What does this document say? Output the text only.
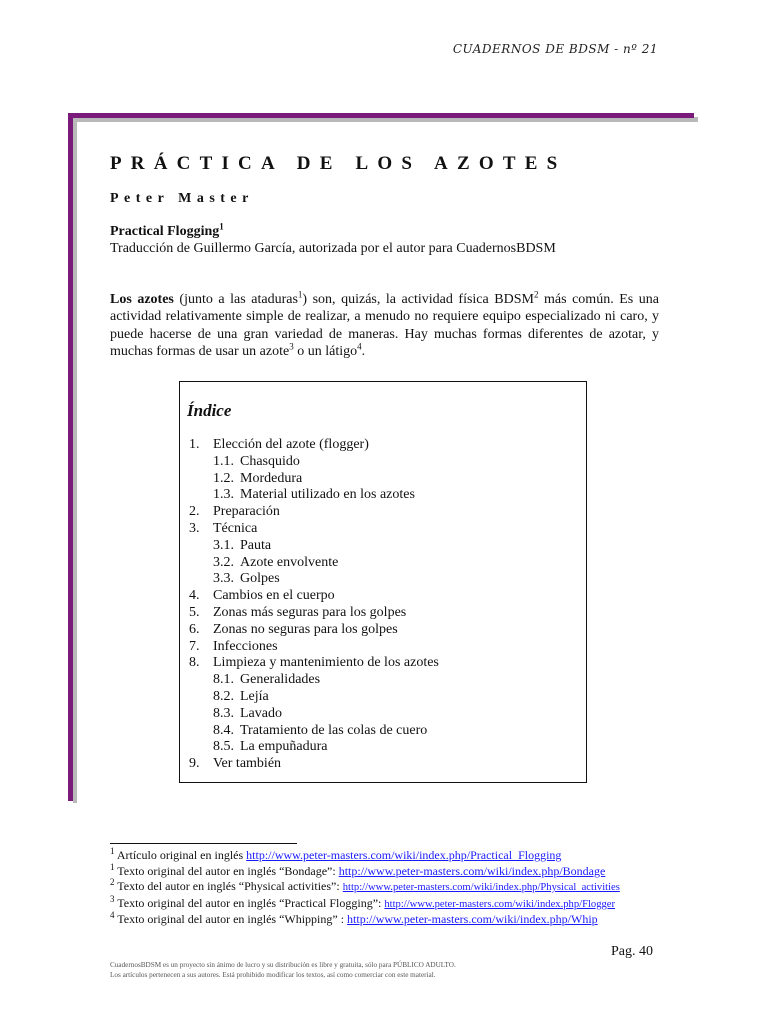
CUADERNOS DE BDSM - nº 21
PRÁCTICA DE LOS AZOTES
Peter Master
Practical Flogging$^1$
Traducción de Guillermo García, autorizada por el autor para CuadernosBDSM

Los azotes (junto a las ataduras$^1$) son, quizás, la actividad física BDSM$^2$ más común. Es una actividad relativamente simple de realizar, a menudo no requiere equipo especializado ni caro, y puede hacerse de una gran variedad de maneras. Hay muchas formas diferentes de azotar, y muchas formas de usar un azote$^3$ o un látigo$^4$.

Índice
1. Elección del azote (flogger)
1.1. Chasquido
1.2. Mordedura
1.3. Material utilizado en los azotes
2. Preparación
3. Técnica
3.1. Pauta
3.2. Azote envolvente
3.3. Golpes
4. Cambios en el cuerpo
5. Zonas más seguras para los golpes
6. Zonas no seguras para los golpes
7. Infecciones
8. Limpieza y mantenimiento de los azotes
8.1. Generalidades
8.2. Lejía
8.3. Lavado
8.4. Tratamiento de las colas de cuero
8.5. La empuñadura
9. Ver también
$^1$ Artículo original en inglés http://www.peter-masters.com/wiki/index.php/Practical_Flogging
$^1$ Texto original del autor en inglés “Bondage”: http://www.peter-masters.com/wiki/index.php/Bondage
$^2$ Texto del autor en inglés “Physical activities”: http://www.peter-masters.com/wiki/index.php/Physical_activities
$^3$ Texto original del autor en inglés “Practical Flogging”: http://www.peter-masters.com/wiki/index.php/Flogger
$^4$ Texto original del autor en inglés “Whipping” : http://www.peter-masters.com/wiki/index.php/Whip
Pag. 40
CuadernosBDSM es un proyecto sin ánimo de lucro y su distribución es libre y gratuita, sólo para PÚBLICO ADULTO.
Los artículos pertenecen a sus autores. Está prohibido modificar los textos, así como comerciar con este material.
